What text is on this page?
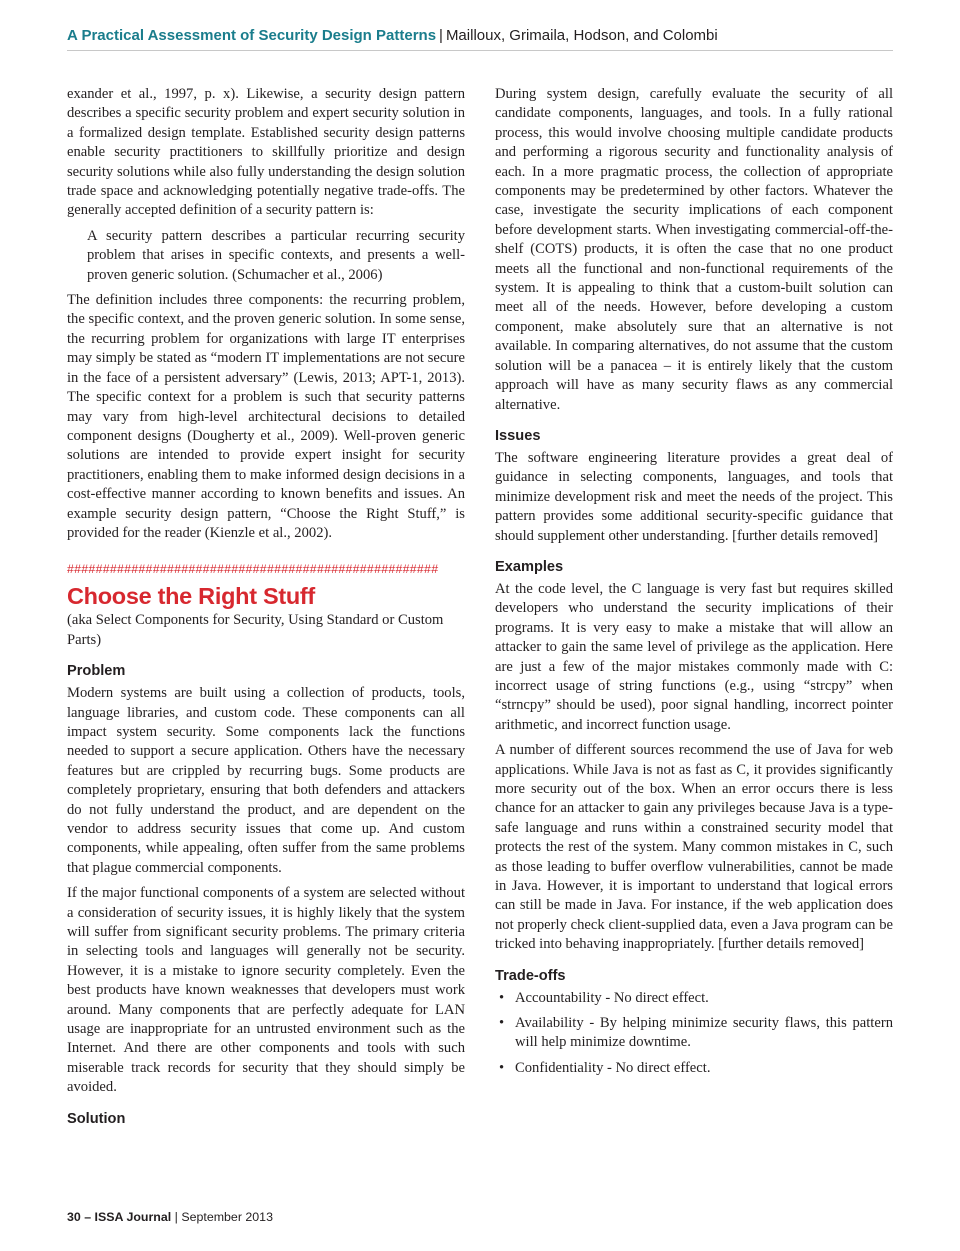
A Practical Assessment of Security Design Patterns | Mailloux, Grimaila, Hodson, and Colombi

exander et al., 1997, p. x). Likewise, a security design pattern describes a specific security problem and expert security solution in a formalized design template. Established security design patterns enable security practitioners to skillfully prioritize and design security solutions while also fully understanding the design solution trade space and acknowledging potentially negative trade-offs. The generally accepted definition of a security pattern is:

A security pattern describes a particular recurring security problem that arises in specific contexts, and presents a well-proven generic solution. (Schumacher et al., 2006)

The definition includes three components: the recurring problem, the specific context, and the proven generic solution. In some sense, the recurring problem for organizations with large IT enterprises may simply be stated as “modern IT implementations are not secure in the face of a persistent adversary” (Lewis, 2013; APT-1, 2013). The specific context for a problem is such that security patterns may vary from high-level architectural decisions to detailed component designs (Dougherty et al., 2009). Well-proven generic solutions are intended to provide expert insight for security practitioners, enabling them to make informed design decisions in a cost-effective manner according to known benefits and issues. An example security design pattern, “Choose the Right Stuff,” is provided for the reader (Kienzle et al., 2002).

####################################################
Choose the Right Stuff

(aka Select Components for Security, Using Standard or Custom Parts)

Problem

Modern systems are built using a collection of products, tools, language libraries, and custom code. These components can all impact system security. Some components lack the functions needed to support a secure application. Others have the necessary features but are crippled by recurring bugs. Some products are completely proprietary, ensuring that both defenders and attackers do not fully understand the product, and are dependent on the vendor to address security issues that come up. And custom components, while appealing, often suffer from the same problems that plague commercial components.

If the major functional components of a system are selected without a consideration of security issues, it is highly likely that the system will suffer from significant security problems. The primary criteria in selecting tools and languages will generally not be security. However, it is a mistake to ignore security completely. Even the best products have known weaknesses that developers must work around. Many components that are perfectly adequate for LAN usage are inappropriate for an untrusted environment such as the Internet. And there are other components and tools with such miserable track records for security that they should simply be avoided.

Solution

During system design, carefully evaluate the security of all candidate components, languages, and tools. In a fully rational process, this would involve choosing multiple candidate products and performing a rigorous security and functionality analysis of each. In a more pragmatic process, the collection of appropriate components may be predetermined by other factors. Whatever the case, investigate the security implications of each component before development starts. When investigating commercial-off-the-shelf (COTS) products, it is often the case that no one product meets all the functional and non-functional requirements of the system. It is appealing to think that a custom-built solution can meet all of the needs. However, before developing a custom component, make absolutely sure that an alternative is not available. In comparing alternatives, do not assume that the custom solution will be a panacea – it is entirely likely that the custom approach will have as many security flaws as any commercial alternative.

Issues

The software engineering literature provides a great deal of guidance in selecting components, languages, and tools that minimize development risk and meet the needs of the project. This pattern provides some additional security-specific guidance that should supplement other understanding. [further details removed]

Examples

At the code level, the C language is very fast but requires skilled developers who understand the security implications of their programs. It is very easy to make a mistake that will allow an attacker to gain the same level of privilege as the application. Here are just a few of the major mistakes commonly made with C: incorrect usage of string functions (e.g., using “strcpy” when “strncpy” should be used), poor signal handling, incorrect pointer arithmetic, and incorrect function usage.

A number of different sources recommend the use of Java for web applications. While Java is not as fast as C, it provides significantly more security out of the box. When an error occurs there is less chance for an attacker to gain any privileges because Java is a type-safe language and runs within a constrained security model that protects the rest of the system. Many common mistakes in C, such as those leading to buffer overflow vulnerabilities, cannot be made in Java. However, it is important to understand that logical errors can still be made in Java. For instance, if the web application does not properly check client-supplied data, even a Java program can be tricked into behaving inappropriately. [further details removed]

Trade-offs
• Accountability - No direct effect.
• Availability - By helping minimize security flaws, this pattern will help minimize downtime.
• Confidentiality - No direct effect.
30 – ISSA Journal | September 2013
